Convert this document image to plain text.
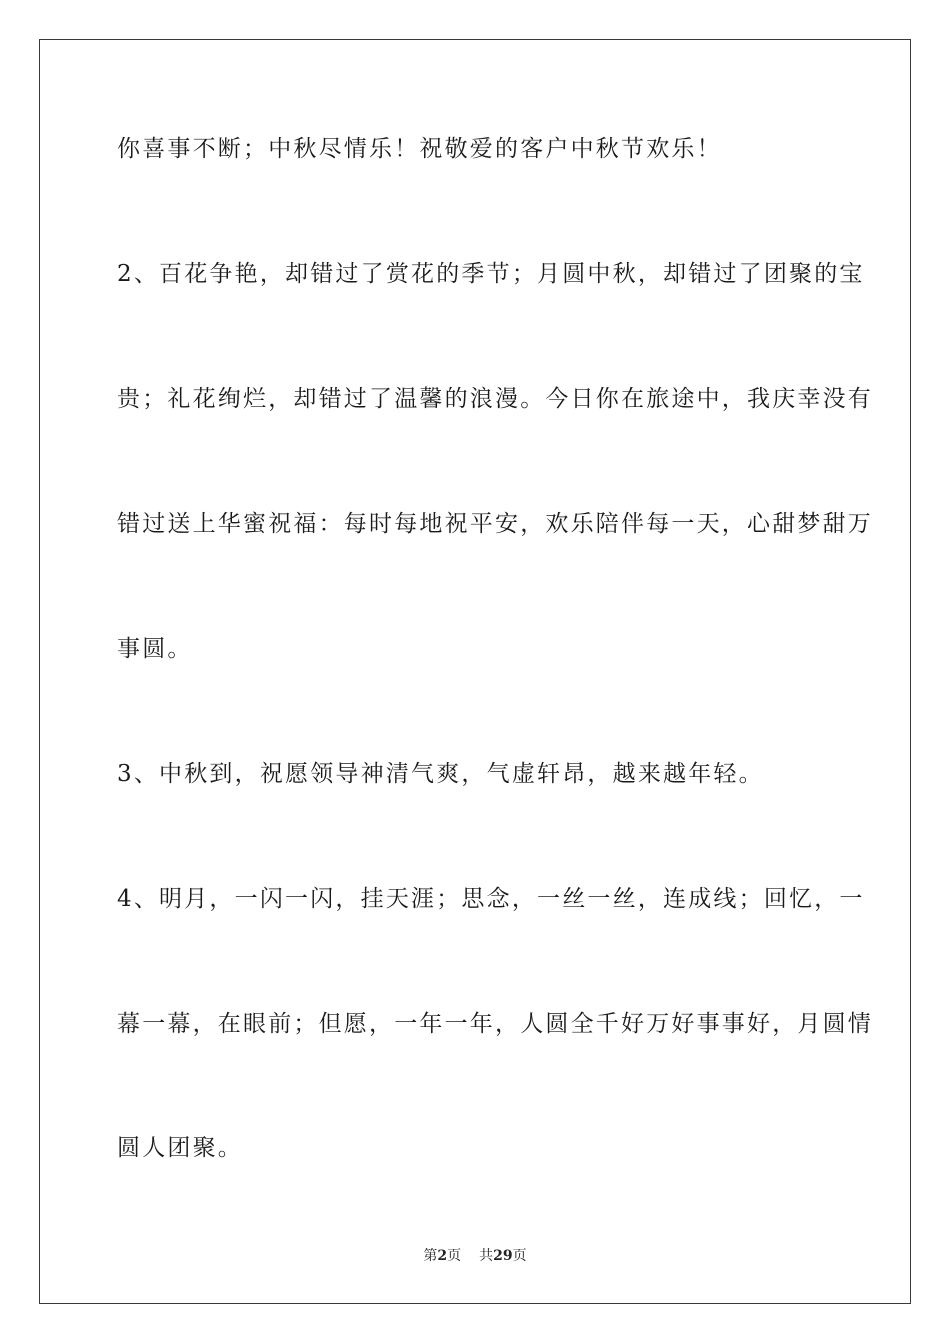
你喜事不断；中秋尽情乐！祝敬爱的客户中秋节欢乐！
2、百花争艳，却错过了赏花的季节；月圆中秋，却错过了团聚的宝
贵；礼花绚烂，却错过了温馨的浪漫。今日你在旅途中，我庆幸没有
错过送上华蜜祝福：每时每地祝平安，欢乐陪伴每一天，心甜梦甜万
事圆。
3、中秋到，祝愿领导神清气爽，气虚轩昂，越来越年轻。
4、明月，一闪一闪，挂天涯；思念，一丝一丝，连成线；回忆，一
幕一幕，在眼前；但愿，一年一年，人圆全千好万好事事好，月圆情
圆人团聚。
第2页 共29页
